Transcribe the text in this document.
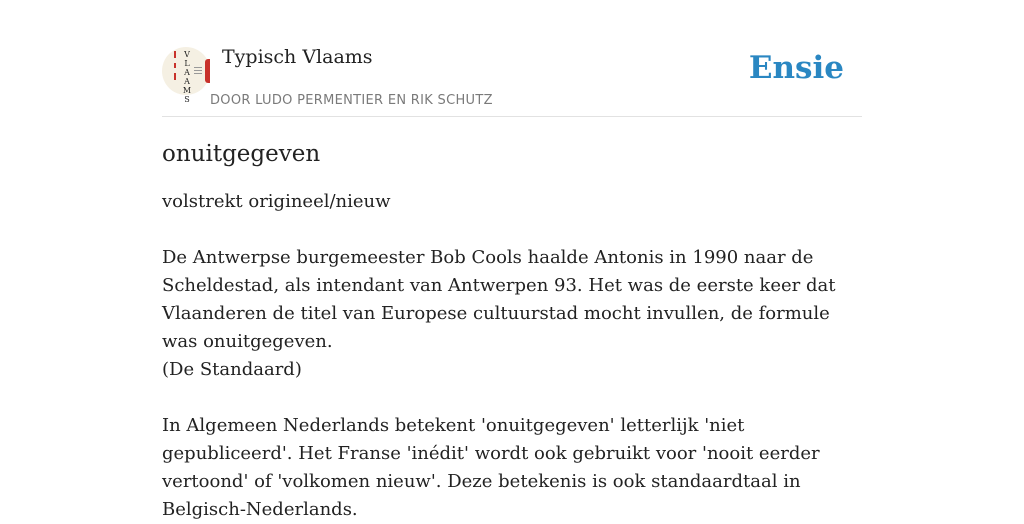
V
L
A
A
M
S
Typisch Vlaams
DOOR LUDO PERMENTIER EN RIK SCHUTZ
Ensie
onuitgegeven

volstrekt origineel/nieuw

De Antwerpse burgemeester Bob Cools haalde Antonis in 1990 naar de Scheldestad, als intendant van Antwerpen 93. Het was de eerste keer dat Vlaanderen de titel van Europese cultuurstad mocht invullen, de formule was onuitgegeven.
(De Standaard)

In Algemeen Nederlands betekent 'onuitgegeven' letterlijk 'niet gepubliceerd'. Het Franse 'inédit' wordt ook gebruikt voor 'nooit eerder vertoond' of 'volkomen nieuw'. Deze betekenis is ook standaardtaal in Belgisch-Nederlands.
